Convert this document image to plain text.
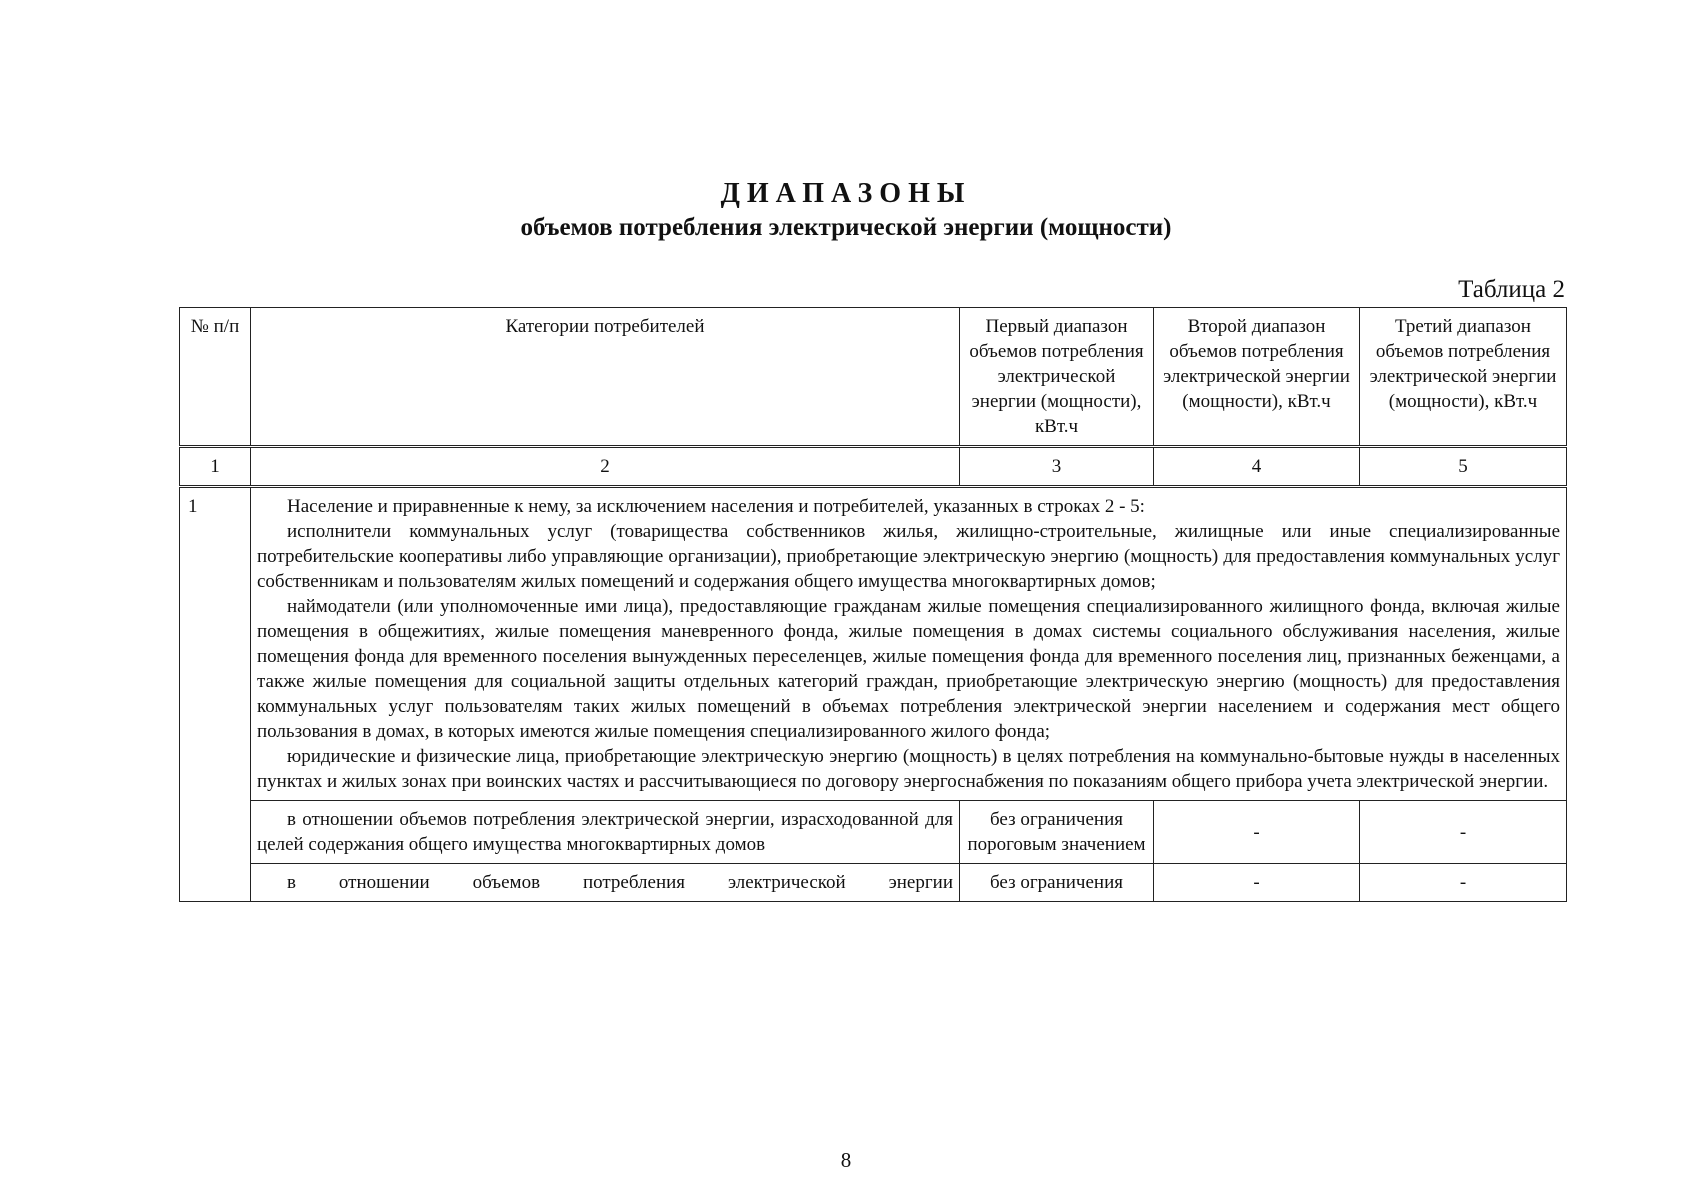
ДИАПАЗОНЫ
объемов потребления электрической энергии (мощности)
Таблица 2
№ п/п	Категории потребителей	Первый диапазон объемов потребления электрической энергии (мощности), кВт.ч	Второй диапазон объемов потребления электрической энергии (мощности), кВт.ч	Третий диапазон объемов потребления электрической энергии (мощности), кВт.ч
1	2	3	4	5
1	Население и приравненные к нему, за исключением населения и потребителей, указанных в строках 2 - 5:

исполнители коммунальных услуг (товарищества собственников жилья, жилищно-строительные, жилищные или иные специализированные потребительские кооперативы либо управляющие организации), приобретающие электрическую энергию (мощность) для предоставления коммунальных услуг собственникам и пользователям жилых помещений и содержания общего имущества многоквартирных домов;

наймодатели (или уполномоченные ими лица), предоставляющие гражданам жилые помещения специализированного жилищного фонда, включая жилые помещения в общежитиях, жилые помещения маневренного фонда, жилые помещения в домах системы социального обслуживания населения, жилые помещения фонда для временного поселения вынужденных переселенцев, жилые помещения фонда для временного поселения лиц, признанных беженцами, а также жилые помещения для социальной защиты отдельных категорий граждан, приобретающие электрическую энергию (мощность) для предоставления коммунальных услуг пользователям таких жилых помещений в объемах потребления электрической энергии населением и содержания мест общего пользования в домах, в которых имеются жилые помещения специализированного жилого фонда;

юридические и физические лица, приобретающие электрическую энергию (мощность) в целях потребления на коммунально-бытовые нужды в населенных пунктах и жилых зонах при воинских частях и рассчитывающиеся по договору энергоснабжения по показаниям общего прибора учета электрической энергии.			

	в отношении объемов потребления электрической энергии, израсходованной для целей содержания общего имущества многоквартирных домов	без ограничения пороговым значением	-	-

	в отношении объемов потребления электрической энергии	без ограничения	-	-
8
